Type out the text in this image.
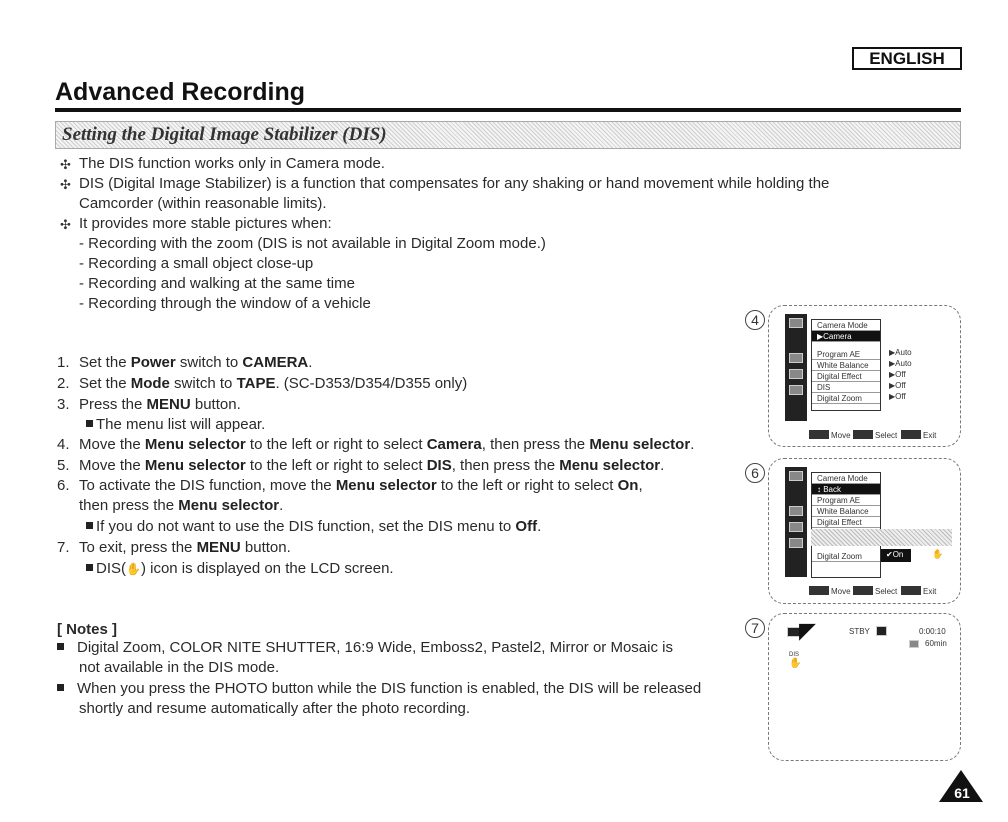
ENGLISH
Advanced Recording
Setting the Digital Image Stabilizer (DIS)
✣ The DIS function works only in Camera mode.
✣ DIS (Digital Image Stabilizer) is a function that compensates for any shaking or hand movement while holding the
Camcorder (within reasonable limits).
✣ It provides more stable pictures when:
- Recording with the zoom (DIS is not available in Digital Zoom mode.)
- Recording a small object close-up
- Recording and walking at the same time
- Recording through the window of a vehicle
1. Set the Power switch to CAMERA.
2. Set the Mode switch to TAPE. (SC-D353/D354/D355 only)
3. Press the MENU button.
The menu list will appear.
4. Move the Menu selector to the left or right to select Camera, then press the Menu selector.
5. Move the Menu selector to the left or right to select DIS, then press the Menu selector.
6. To activate the DIS function, move the Menu selector to the left or right to select On,
then press the Menu selector.
If you do not want to use the DIS function, set the DIS menu to Off.
7. To exit, press the MENU button.
DIS(✋) icon is displayed on the LCD screen.
[ Notes ]
Digital Zoom, COLOR NITE SHUTTER, 16:9 Wide, Emboss2, Pastel2, Mirror or Mosaic is
not available in the DIS mode.
When you press the PHOTO button while the DIS function is enabled, the DIS will be released
shortly and resume automatically after the photo recording.
4	Camera Mode
▶Camera
Program AE
White Balance
Digital Effect
DIS
Digital Zoom
▶Auto
▶Auto
▶Off
▶Off
▶Off
Move	Select	Exit
6	Camera Mode
↕ Back
Program AE
White Balance
Digital Effect
Digital Zoom	✔On	✋
Move	Select	Exit
7 ◤	STBY	0:00:10
60min
DIS
✋
61
